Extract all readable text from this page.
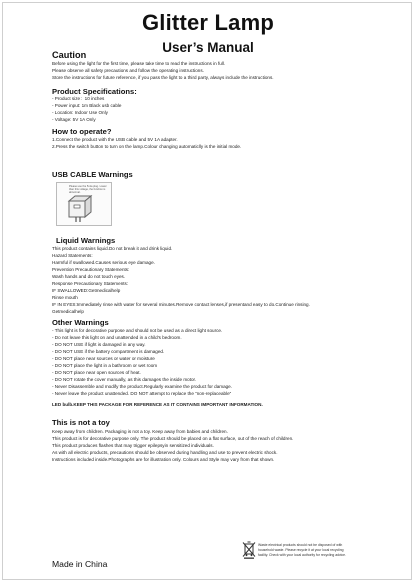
Glitter Lamp
User’s Manual
Caution
Before using the light for the first time, please take time to read the instructions in full.
Please observe all safety precautions and follow the operating instructions.
Store the instructions for future reference, if you pass the light to a third party, always include the instructions.
Product Specifications:
- Product size：10 inches
- Power input: 1m Black usb cable
- Location: Indoor Use Only
- Voltage: 5V 1A Only
How to operate?
1.Connect the product with the USB cable and 5V 1A adapter.
2.Press the switch button to turn on the lamp.Colour changing automaticlly is the initial mode.
USB CABLE Warnings
Please use the 5v1a plug. Lower than this voltage, the function is abnormal.
Liquid Warnings
This product contains liquid.Do not break it and drink liquid.
Hazard Statements:
Harmful if swallowed.Causes serious eye damage.
Prevention Precautionary Statements:
Wash hands and do not touch eyes.
Response Precautionary Statements:
IF SWALLOWED:Getmedicalhelp
Rinse mouth
IF IN EYES:Immediately rinse with water for several minutes.Remove contact lenses,if presentand easy to do.Continue rinsing.
Getmedicalhelp
Other Warnings
- This light is for decorative purpose and should not be used as a direct light source.
- Do not leave this light on and unattended in a child’s bedroom.
- DO NOT USE if light is damaged in any way.
- DO NOT USE if the battery compartment is damaged.
- DO NOT place near sources or water or moisture
- DO NOT place the light in a bathroom or wet room
- DO NOT place near open sources of heat.
- DO NOT rotate the cover manually, as this damages the inside motor.
- Never Disassemble and modify the product.Regularly examine the product for damage.
- Never leave the product unattended. DO NOT attempt to replace the “non-replaceable”
LED bulb.KEEP THIS PACKAGE FOR REFERENCE AS IT CONTAINS IMPORTANT INFORMATION.
This is not a toy
Keep away from children. Packaging is not a toy. Keep away from babies and children.
This product is for decorative purpose only. The product should be placed on a flat surface, out of the reach of children.
This product produces flashes that may trigger epilepsyin sensitized individuals.
As with all electric products, precautions should be observed during handling and use to prevent electric shock.
Instructions included inside.Photographs are for illustration only. Colours and Style may vary from that shown.
Waste electrical products should not be disposed of with
household waste. Please recycle it at your local recycling
facility. Check with your local authority for recycling advice.
Made in China
